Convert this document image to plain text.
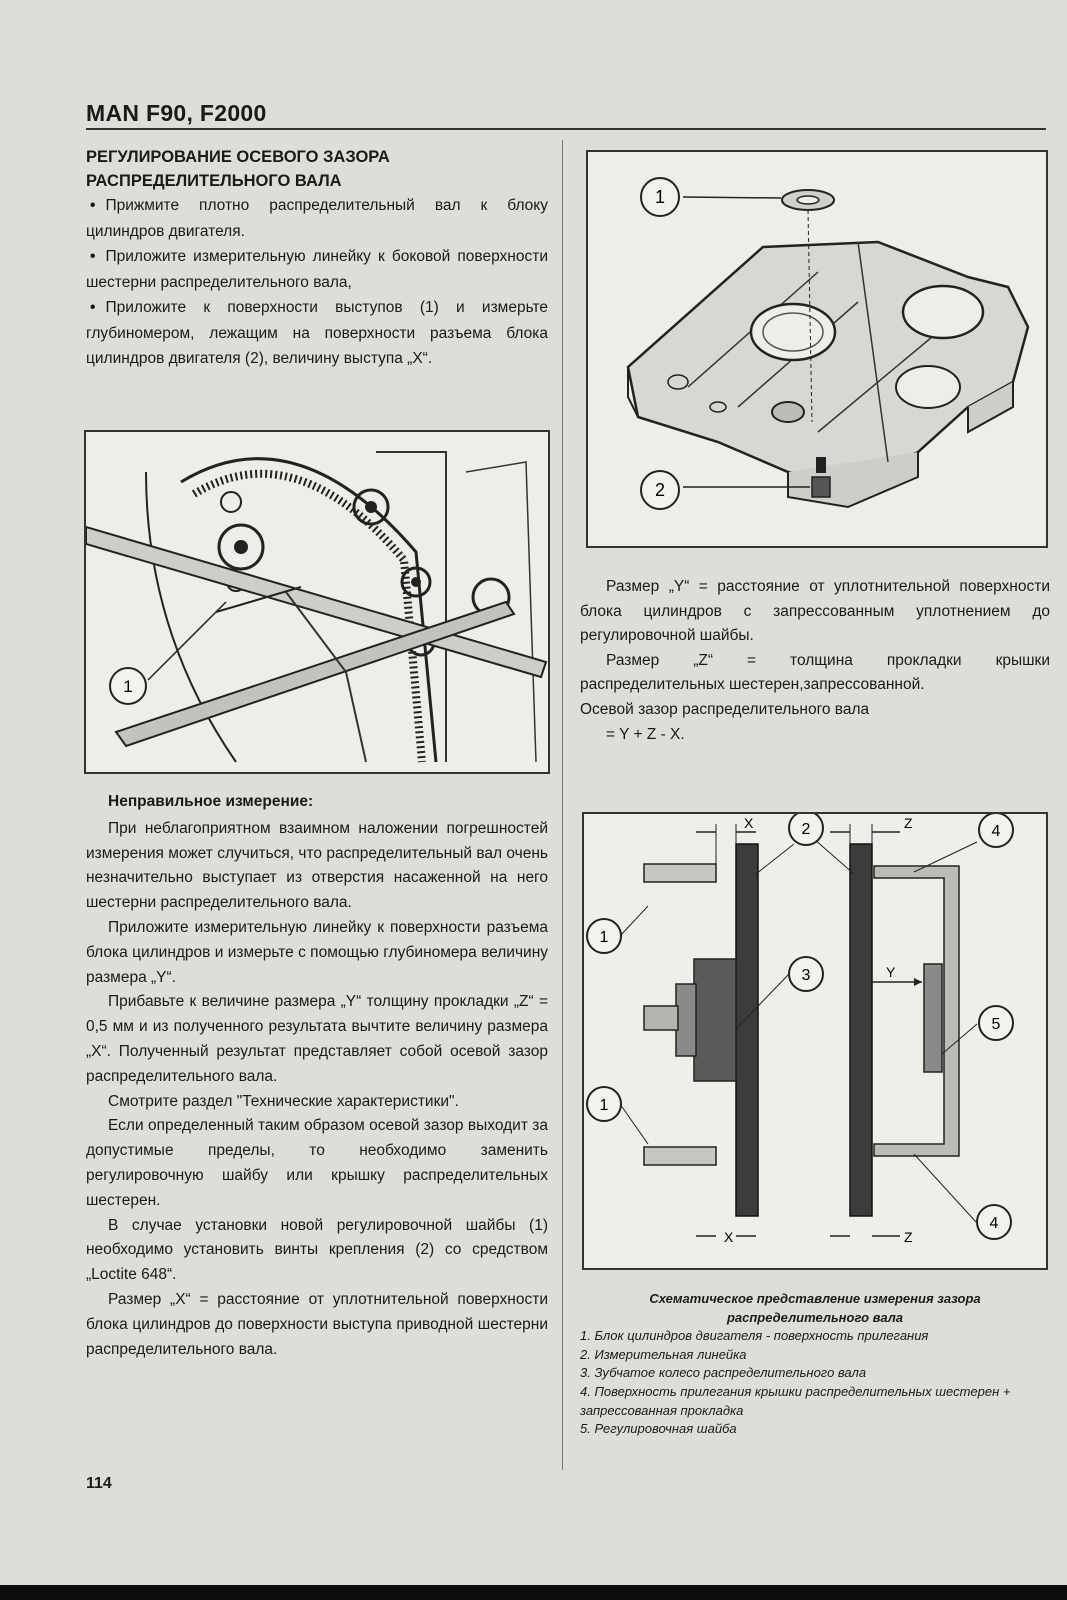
MAN F90, F2000
РЕГУЛИРОВАНИЕ ОСЕВОГО ЗАЗОРА РАСПРЕДЕЛИТЕЛЬНОГО ВАЛА

• Прижмите плотно распределительный вал к блоку цилиндров двигателя.

• Приложите измерительную линейку к боковой поверхности шестерни распределительного вала,

• Приложите к поверхности выступов (1) и измерьте глубиномером, лежащим на поверхности разъема блока цилиндров двигателя (2), величину выступа „X“.

1

Неправильное измерение:

При неблагоприятном взаимном наложении погрешностей измерения может случиться, что распределительный вал очень незначительно выступает из отверстия насаженной на него шестерни распределительного вала.

Приложите измерительную линейку к поверхности разъема блока цилиндров и измерьте с помощью глубиномера величину размера „Y“.

Прибавьте к величине размера „Y“ толщину прокладки „Z“ = 0,5 мм и из полученного результата вычтите величину размера „X“. Полученный результат представляет собой осевой зазор распределительного вала.

Смотрите раздел "Технические характеристики".

Если определенный таким образом осевой зазор выходит за допустимые пределы, то необходимо заменить регулировочную шайбу или крышку распределительных шестерен.

В случае установки новой регулировочной шайбы (1) необходимо установить винты крепления (2) со средством „Loctite 648“.

Размер „X“ = расстояние от уплотнительной поверхности блока цилиндров до поверхности выступа приводной шестерни распределительного вала.

1
2

Размер „Y“ = расстояние от уплотнительной поверхности блока цилиндров с запрессованным уплотнением до регулировочной шайбы.

Размер „Z“ = толщина прокладки крышки распределительных шестерен,запрессованной.

Осевой зазор распределительного вала

= Y + Z - X.

X	Z
X	Z
Y
1
2
3
4
5
1
4

Схематическое представление измерения зазора распределительного вала

1. Блок цилиндров двигателя - поверхность прилегания

2. Измерительная линейка

3. Зубчатое колесо распределительного вала

4. Поверхность прилегания крышки распределительных шестерен + запрессованная прокладка

5. Регулировочная шайба

114
